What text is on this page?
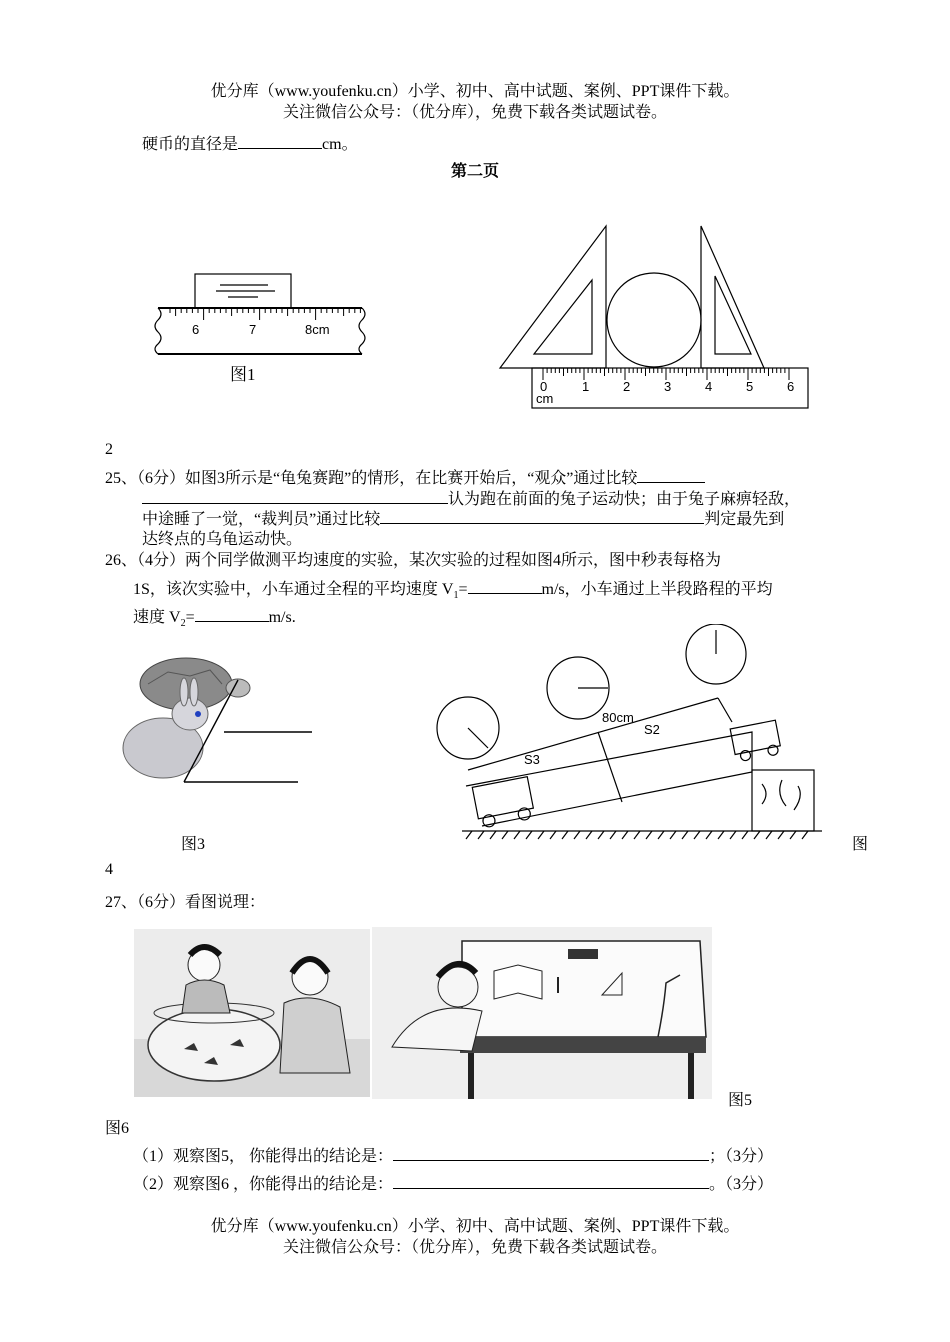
优分库（www.youfenku.cn）小学、初中、高中试题、案例、PPT课件下载。
关注微信公众号：（优分库），免费下载各类试题试卷。
硬币的直径是	cm。
第二页
6	7	8cm
图1
0	1	2	3	4	5	6
cm
2
25、（6分）如图3所示是“龟兔赛跑”的情形，在比赛开始后，“观众”通过比较
认为跑在前面的兔子运动快；由于兔子麻痹轻敌，
中途睡了一觉，“裁判员”通过比较	判定最先到
达终点的乌龟运动快。
26、（4分）两个同学做测平均速度的实验，某次实验的过程如图4所示，图中秒表每格为
1S，该次实验中，小车通过全程的平均速度 $V_1=$	m/s，小车通过上半段路程的平均
速度 $V_2=$	m/s.
图3
80cm
S3
S2
图
4
27、（6分）看图说理：
图5
图6
（1）观察图5， 你能得出的结论是：	；（3分）
（2）观察图6 ，你能得出的结论是：	。（3分）
优分库（www.youfenku.cn）小学、初中、高中试题、案例、PPT课件下载。
关注微信公众号：（优分库），免费下载各类试题试卷。
